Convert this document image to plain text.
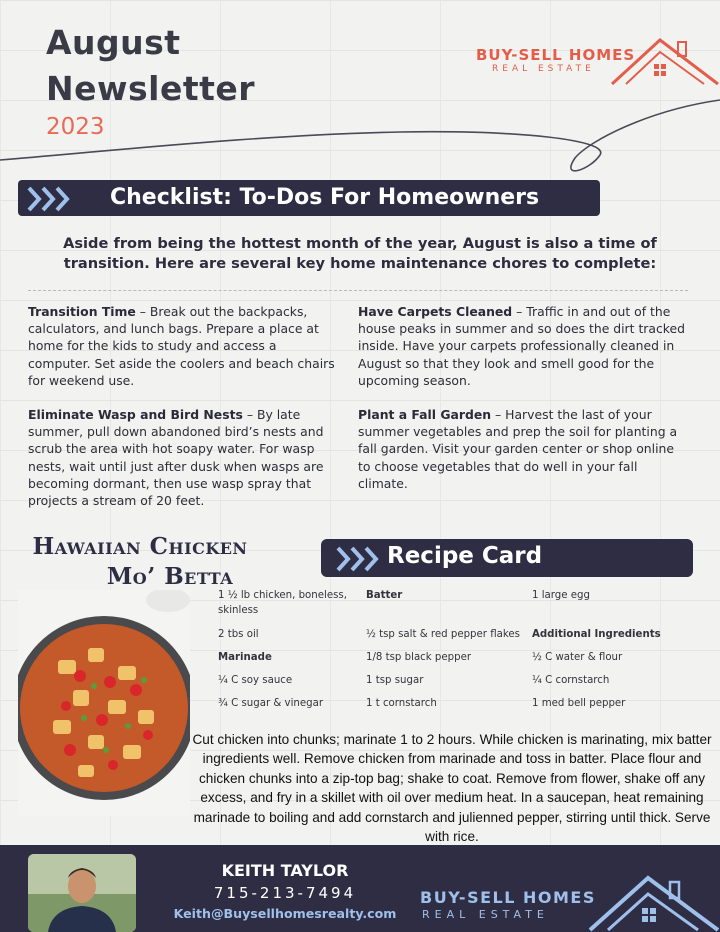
August
Newsletter
2023
BUY-SELL HOMES
REAL ESTATE
Checklist: To-Dos For Homeowners
Aside from being the hottest month of the year, August is also a time of transition. Here are several key home maintenance chores to complete:

Transition Time – Break out the backpacks, calculators, and lunch bags. Prepare a place at home for the kids to study and access a computer. Set aside the coolers and beach chairs for weekend use.

Eliminate Wasp and Bird Nests – By late summer, pull down abandoned bird’s nests and scrub the area with hot soapy water. For wasp nests, wait until just after dusk when wasps are becoming dormant, then use wasp spray that projects a stream of 20 feet.

Have Carpets Cleaned – Traffic in and out of the house peaks in summer and so does the dirt tracked inside. Have your carpets professionally cleaned in August so that they look and smell good for the upcoming season.

Plant a Fall Garden – Harvest the last of your summer vegetables and prep the soil for planting a fall garden. Visit your garden center or shop online to choose vegetables that do well in your fall climate.

Hawaiian Chicken
Mo’ Betta
Recipe Card
1 ½ lb chicken, boneless, skinless
2 tbs oil
Marinade
¼ C soy sauce
¾ C sugar & vinegar
Batter
½ tsp salt & red pepper flakes
1/8 tsp black pepper
1 tsp sugar
1 t cornstarch
1 large egg
Additional Ingredients
½ C water & flour
¼ C cornstarch
1 med bell pepper
Cut chicken into chunks; marinate 1 to 2 hours. While chicken is marinating, mix batter ingredients well. Remove chicken from marinade and toss in batter. Place flour and chicken chunks into a zip-top bag; shake to coat. Remove from flower, shake off any excess, and fry in a skillet with oil over medium heat. In a saucepan, heat remaining marinade to boiling and add cornstarch and julienned pepper, stirring until thick. Serve with rice.
KEITH TAYLOR
715-213-7494
Keith@Buysellhomesrealty.com
BUY-SELL HOMES
REAL ESTATE
